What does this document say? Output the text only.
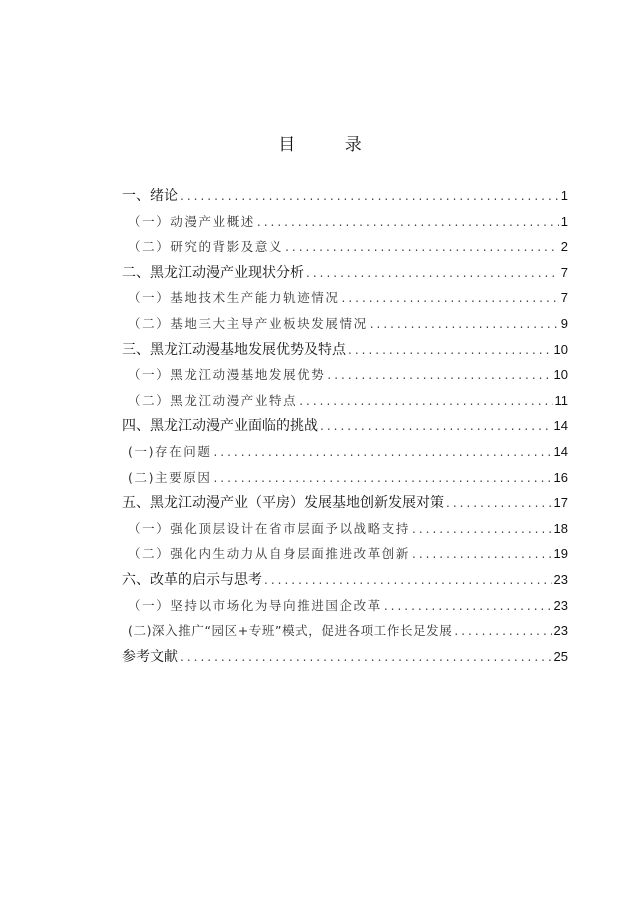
目 录
一、绪论 .....	1
（一）动漫产业概述 .....	1
（二）研究的背影及意义 .....	2
二、黑龙江动漫产业现状分析 .....	7
（一）基地技术生产能力轨迹情况 .....	7
（二）基地三大主导产业板块发展情况 .....	9
三、黑龙江动漫基地发展优势及特点 .....	10
（一）黑龙江动漫基地发展优势 .....	10
（二）黑龙江动漫产业特点 .....	11
四、黑龙江动漫产业面临的挑战 .....	14
(一)存在问题 .....	14
(二)主要原因 .....	16
五、黑龙江动漫产业（平房）发展基地创新发展对策 .....	17
（一）强化顶层设计在省市层面予以战略支持 .....	18
（二）强化内生动力从自身层面推进改革创新 .....	19
六、改革的启示与思考 .....	23
（一）坚持以市场化为导向推进国企改革 .....	23
(二)深入推广“园区+专班”模式，促进各项工作长足发展 .....	23
参考文献 .....	25
